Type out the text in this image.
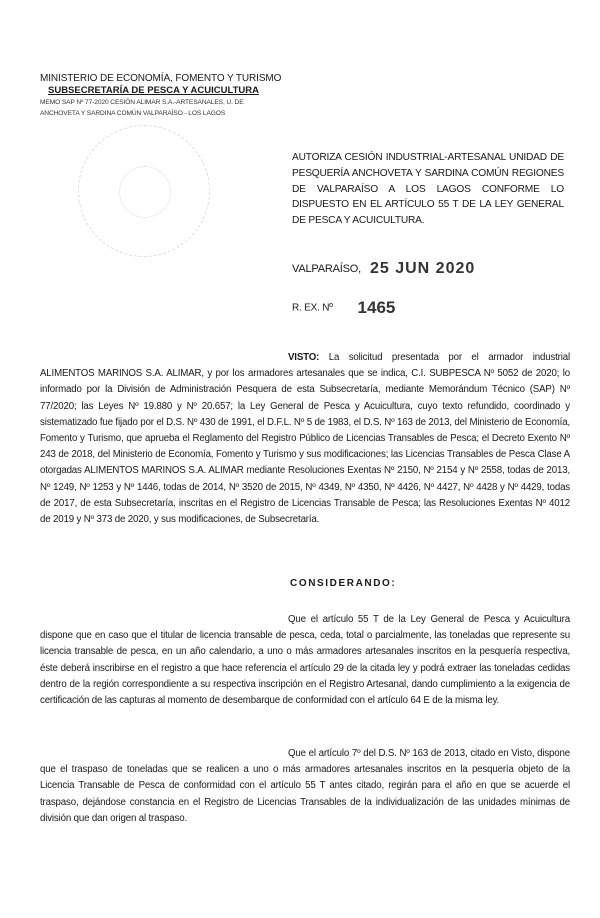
MINISTERIO DE ECONOMÍA, FOMENTO Y TURISMO
SUBSECRETARÍA DE PESCA Y ACUICULTURA
MEMO SAP Nº 77-2020 CESIÓN ALIMAR S.A.-ARTESANALES, U. DE
ANCHOVETA Y SARDINA COMÚN VALPARAÍSO - LOS LAGOS
AUTORIZA CESIÓN INDUSTRIAL-ARTESANAL UNIDAD DE PESQUERÍA ANCHOVETA Y SARDINA COMÚN REGIONES DE VALPARAÍSO A LOS LAGOS CONFORME LO DISPUESTO EN EL ARTÍCULO 55 T DE LA LEY GENERAL DE PESCA Y ACUICULTURA.
VALPARAÍSO, 25 JUN 2020
R. EX. Nº 1465
VISTO: La solicitud presentada por el armador industrial ALIMENTOS MARINOS S.A. ALIMAR, y por los armadores artesanales que se indica, C.I. SUBPESCA Nº 5052 de 2020; lo informado por la División de Administración Pesquera de esta Subsecretaría, mediante Memorándum Técnico (SAP) Nº 77/2020; las Leyes Nº 19.880 y Nº 20.657; la Ley General de Pesca y Acuicultura, cuyo texto refundido, coordinado y sistematizado fue fijado por el D.S. Nº 430 de 1991, el D.F.L. Nº 5 de 1983, el D.S. Nº 163 de 2013, del Ministerio de Economía, Fomento y Turismo, que aprueba el Reglamento del Registro Público de Licencias Transables de Pesca; el Decreto Exento Nº 243 de 2018, del Ministerio de Economía, Fomento y Turismo y sus modificaciones; las Licencias Transables de Pesca Clase A otorgadas ALIMENTOS MARINOS S.A. ALIMAR mediante Resoluciones Exentas Nº 2150, Nº 2154 y Nº 2558, todas de 2013, Nº 1249, Nº 1253 y Nº 1446, todas de 2014, Nº 3520 de 2015, Nº 4349, Nº 4350, Nº 4426, Nº 4427, Nº 4428 y Nº 4429, todas de 2017, de esta Subsecretaría, inscritas en el Registro de Licencias Transable de Pesca; las Resoluciones Exentas Nº 4012 de 2019 y Nº 373 de 2020, y sus modificaciones, de Subsecretaría.
CONSIDERANDO:
Que el artículo 55 T de la Ley General de Pesca y Acuicultura dispone que en caso que el titular de licencia transable de pesca, ceda, total o parcialmente, las toneladas que represente su licencia transable de pesca, en un año calendario, a uno o más armadores artesanales inscritos en la pesquería respectiva, éste deberá inscribirse en el registro a que hace referencia el artículo 29 de la citada ley y podrá extraer las toneladas cedidas dentro de la región correspondiente a su respectiva inscripción en el Registro Artesanal, dando cumplimiento a la exigencia de certificación de las capturas al momento de desembarque de conformidad con el artículo 64 E de la misma ley.
Que el artículo 7º del D.S. Nº 163 de 2013, citado en Visto, dispone que el traspaso de toneladas que se realicen a uno o más armadores artesanales inscritos en la pesquería objeto de la Licencia Transable de Pesca de conformidad con el artículo 55 T antes citado, regirán para el año en que se acuerde el traspaso, dejándose constancia en el Registro de Licencias Transables de la individualización de las unidades mínimas de división que dan origen al traspaso.
